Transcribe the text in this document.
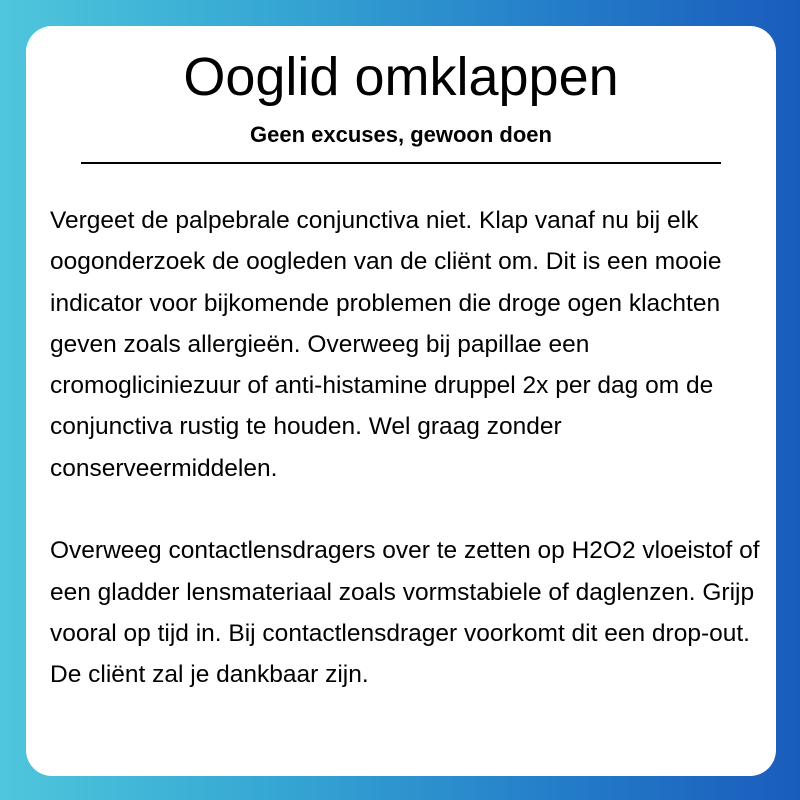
Ooglid omklappen

Geen excuses, gewoon doen

Vergeet de palpebrale conjunctiva niet. Klap vanaf nu bij elk oogonderzoek de oogleden van de cliënt om. Dit is een mooie indicator voor bijkomende problemen die droge ogen klachten geven zoals allergieën. Overweeg bij papillae een cromogliciniezuur of anti-histamine druppel 2x per dag om de conjunctiva rustig te houden. Wel graag zonder conserveermiddelen.

Overweeg contactlensdragers over te zetten op H2O2 vloeistof of een gladder lensmateriaal zoals vormstabiele of daglenzen. Grijp vooral op tijd in. Bij contactlensdrager voorkomt dit een drop-out. De cliënt zal je dankbaar zijn.
